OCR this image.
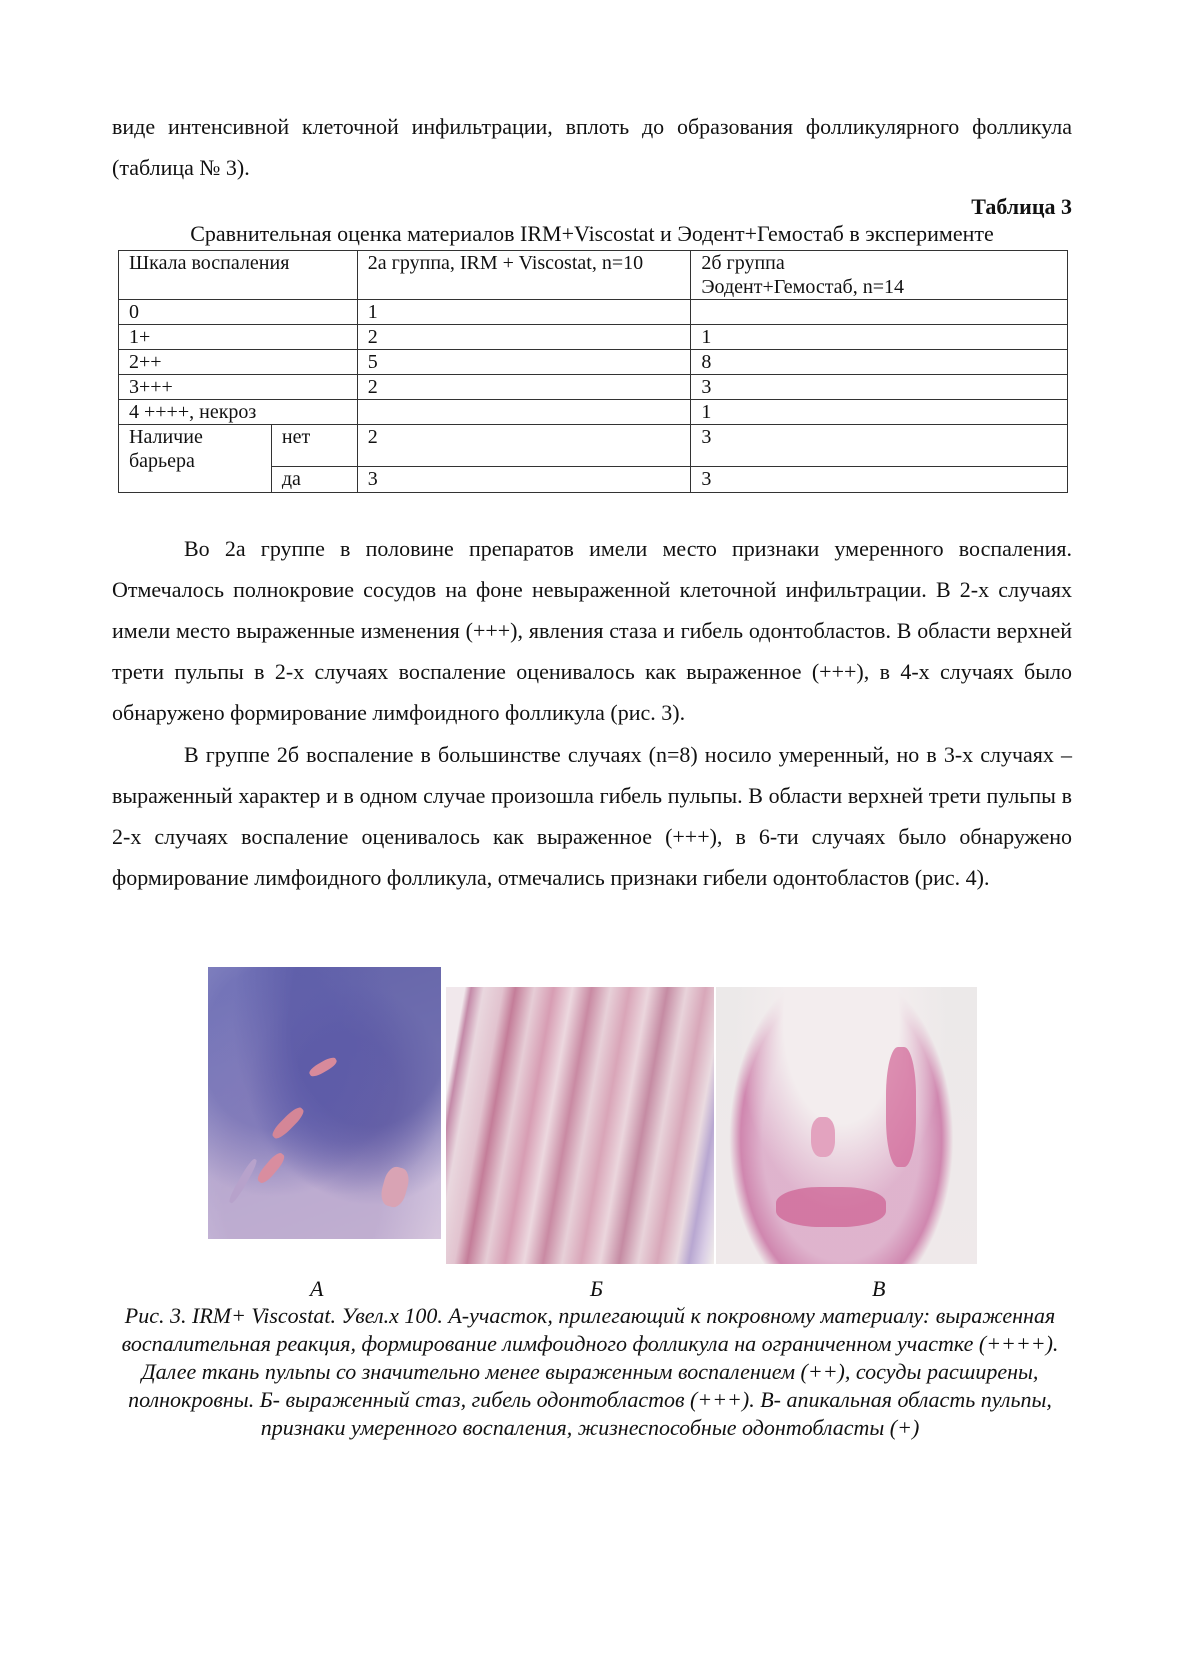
виде интенсивной клеточной инфильтрации, вплоть до образования фолликулярного фолликула (таблица № 3).

Таблица 3

Сравнительная оценка материалов IRM+Viscostat и Эодент+Гемостаб в эксперименте

Шкала воспаления		2а группа, IRM + Viscostat, n=10	2б группа
Эодент+Гемостаб, n=14
0		1	
1+		2	1
2++		5	8
3+++		2	3
4 ++++, некроз			1
Наличие барьера	нет	2	3
	да	3	3

Во 2а группе в половине препаратов имели место признаки умеренного воспаления. Отмечалось полнокровие сосудов на фоне невыраженной клеточной инфильтрации. В 2-х случаях имели место выраженные изменения (+++), явления стаза и гибель одонтобластов. В области верхней трети пульпы в 2-х случаях воспаление оценивалось как выраженное (+++), в 4-х случаях было обнаружено формирование лимфоидного фолликула (рис. 3).

В группе 2б воспаление в большинстве случаях (n=8) носило умеренный, но в 3-х случаях – выраженный характер и в одном случае произошла гибель пульпы. В области верхней трети пульпы в 2-х случаях воспаление оценивалось как выраженное (+++), в 6-ти случаях было обнаружено формирование лимфоидного фолликула, отмечались признаки гибели одонтобластов (рис. 4).

А	Б	В

Рис. 3. IRM+ Viscostat. Увел.х 100. А-участок, прилегающий к покровному материалу: выраженная воспалительная реакция, формирование лимфоидного фолликула на ограниченном участке (++++). Далее ткань пульпы со значительно менее выраженным воспалением (++), сосуды расширены, полнокровны. Б- выраженный стаз, гибель одонтобластов (+++). В- апикальная область пульпы, признаки умеренного воспаления, жизнеспособные одонтобласты (+)
